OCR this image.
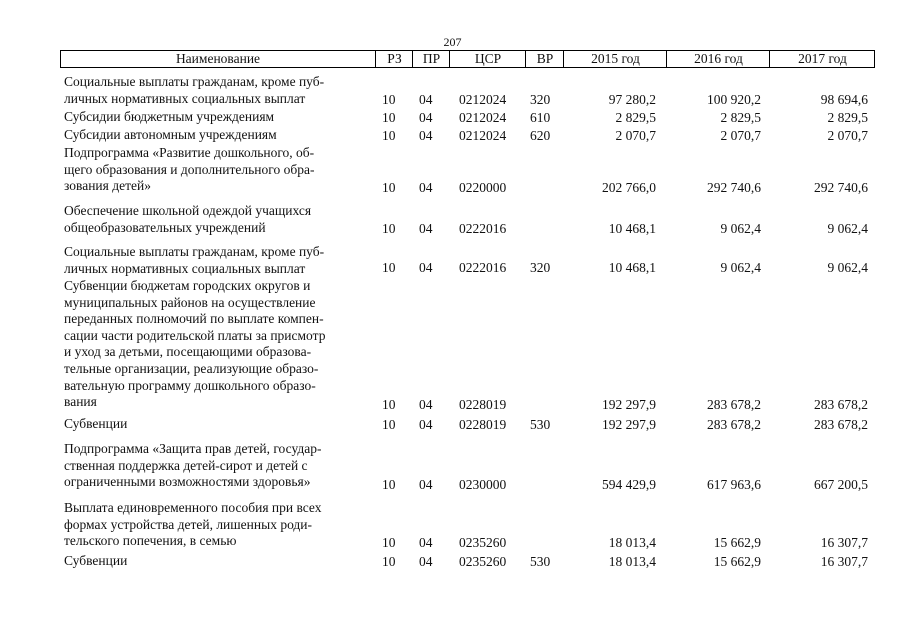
207
Наименование	РЗ	ПР	ЦСР	ВР	2015 год	2016 год	2017 год
Социальные выплаты гражданам, кроме пуб-
личных нормативных социальных выплат	10 04 0212024 320	97 280,2	100 920,2	98 694,6
Субсидии бюджетным учреждениям	10 04 0212024 610	2 829,5	2 829,5	2 829,5
Субсидии автономным учреждениям	10 04 0212024 620	2 070,7	2 070,7	2 070,7
Подпрограмма «Развитие дошкольного, об-
щего образования и дополнительного обра-
зования детей»	10 04 0220000	202 766,0	292 740,6	292 740,6
Обеспечение школьной одеждой учащихся
общеобразовательных учреждений	10 04 0222016	10 468,1	9 062,4	9 062,4
Социальные выплаты гражданам, кроме пуб-
личных нормативных социальных выплат	10 04 0222016 320	10 468,1	9 062,4	9 062,4
Субвенции бюджетам городских округов и
муниципальных районов на осуществление
переданных полномочий по выплате компен-
сации части родительской платы за присмотр
и уход за детьми, посещающими образова-
тельные организации, реализующие образо-
вательную программу дошкольного образо-
вания	10 04 0228019	192 297,9	283 678,2	283 678,2
Субвенции	10 04 0228019 530	192 297,9	283 678,2	283 678,2
Подпрограмма «Защита прав детей, государ-
ственная поддержка детей-сирот и детей с
ограниченными возможностями здоровья»	10 04 0230000	594 429,9	617 963,6	667 200,5
Выплата единовременного пособия при всех
формах устройства детей, лишенных роди-
тельского попечения, в семью	10 04 0235260	18 013,4	15 662,9	16 307,7
Субвенции	10 04 0235260 530	18 013,4	15 662,9	16 307,7
